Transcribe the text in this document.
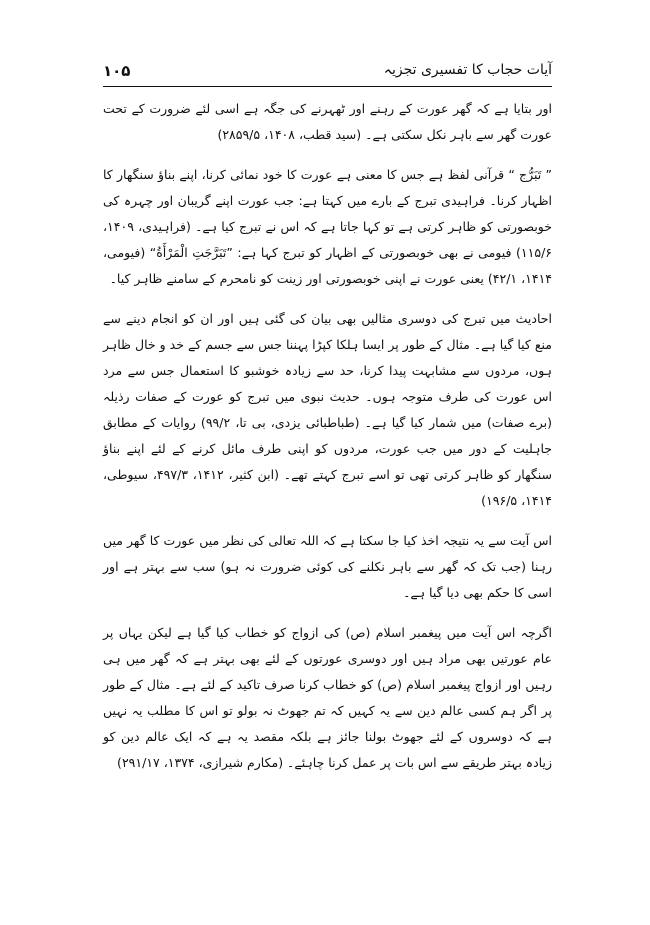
۱۰۵	آیات حجاب کا تفسیری تجزیہ

اور بتایا ہے کہ گھر عورت کے رہنے اور ٹھہرنے کی جگہ ہے اسی لئے ضرورت کے تحت عورت گھر سے باہر نکل سکتی ہے۔ (سید قطب، ۱۴۰۸، ۲۸۵۹/۵)

” تَبَرُّج “ قرآنی لفظ ہے جس کا معنی ہے عورت کا خود نمائی کرنا، اپنے بناؤ سنگھار کا اظہار کرنا۔ فراہیدی تبرج کے بارے میں کہتا ہے: جب عورت اپنے گریبان اور چہرہ کی خوبصورتی کو ظاہر کرتی ہے تو کہا جاتا ہے کہ اس نے تبرج کیا ہے۔ (فراہیدی، ۱۴۰۹، ۱۱۵/۶) فیومی نے بھی خوبصورتی کے اظہار کو تبرج کہا ہے: ”تَبَرَّجَتِ الْمَرْأَةُ“ (فیومی، ۱۴۱۴، ۴۲/۱) یعنی عورت نے اپنی خوبصورتی اور زینت کو نامحرم کے سامنے ظاہر کیا۔

احادیث میں تبرج کی دوسری مثالیں بھی بیان کی گئی ہیں اور ان کو انجام دینے سے منع کیا گیا ہے۔ مثال کے طور پر ایسا ہلکا کپڑا پہننا جس سے جسم کے خد و خال ظاہر ہوں، مردوں سے مشابہت پیدا کرنا، حد سے زیادہ خوشبو کا استعمال جس سے مرد اس عورت کی طرف متوجہ ہوں۔ حدیث نبوی میں تبرج کو عورت کے صفات رذیلہ (برے صفات) میں شمار کیا گیا ہے۔ (طباطبائی یزدی، بی تا، ۹۹/۲) روایات کے مطابق جاہلیت کے دور میں جب عورت، مردوں کو اپنی طرف مائل کرنے کے لئے اپنے بناؤ سنگھار کو ظاہر کرتی تھی تو اسے تبرج کہتے تھے۔ (ابن کثیر، ۱۴۱۲، ۴۹۷/۳، سیوطی، ۱۴۱۴، ۱۹۶/۵)

اس آیت سے یہ نتیجہ اخذ کیا جا سکتا ہے کہ اللہ تعالی کی نظر میں عورت کا گھر میں رہنا (جب تک کہ گھر سے باہر نکلنے کی کوئی ضرورت نہ ہو) سب سے بہتر ہے اور اسی کا حکم بھی دیا گیا ہے۔

اگرچہ اس آیت میں پیغمبر اسلام (ص) کی ازواج کو خطاب کیا گیا ہے لیکن یہاں پر عام عورتیں بھی مراد ہیں اور دوسری عورتوں کے لئے بھی بہتر ہے کہ گھر میں ہی رہیں اور ازواج پیغمبر اسلام (ص) کو خطاب کرنا صرف تاکید کے لئے ہے۔ مثال کے طور پر اگر ہم کسی عالم دین سے یہ کہیں کہ تم جھوٹ نہ بولو تو اس کا مطلب یہ نہیں ہے کہ دوسروں کے لئے جھوٹ بولنا جائز ہے بلکہ مقصد یہ ہے کہ ایک عالم دین کو زیادہ بہتر طریقے سے اس بات پر عمل کرنا چاہئے۔ (مکارم شیرازی، ۱۳۷۴، ۲۹۱/۱۷)
